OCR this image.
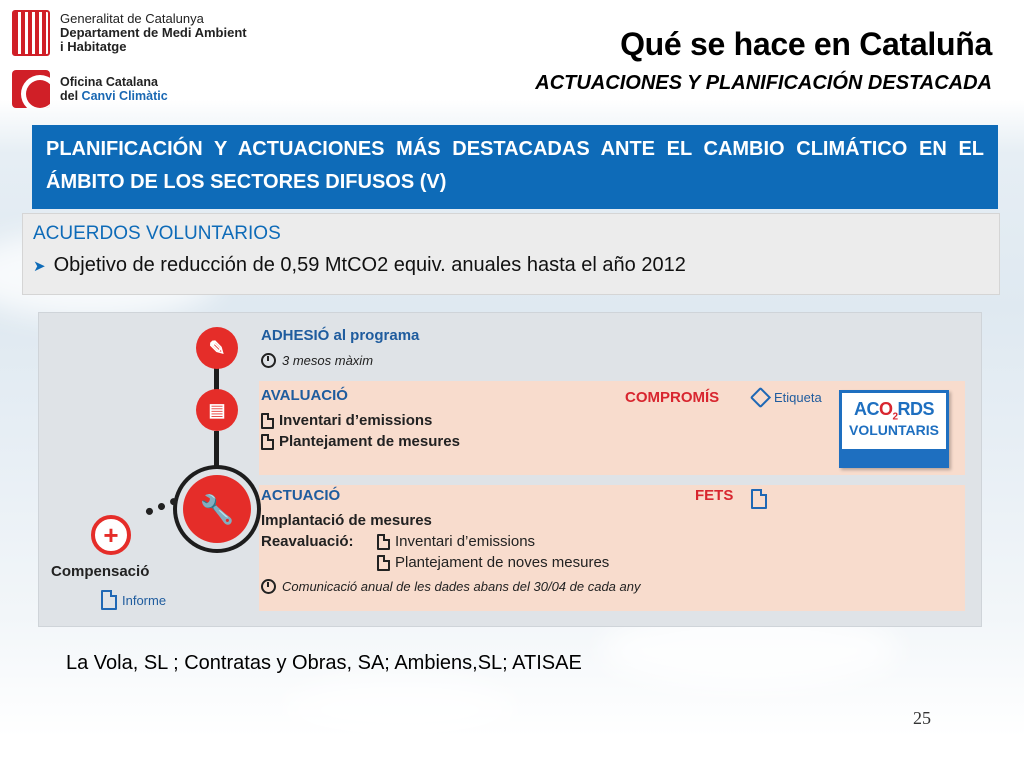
Generalitat de Catalunya
Departament de Medi Ambient
i Habitatge
Oficina Catalana
del Canvi Climàtic
Qué se hace en Cataluña
ACTUACIONES Y PLANIFICACIÓN DESTACADA
PLANIFICACIÓN Y ACTUACIONES MÁS DESTACADAS ANTE EL CAMBIO CLIMÁTICO EN EL ÁMBITO DE LOS SECTORES DIFUSOS (V)
ACUERDOS VOLUNTARIOS
➤ Objetivo de reducción de 0,59 MtCO2 equiv. anuales hasta el año 2012
✎
▤
🔧
+
ADHESIÓ al programa
3 mesos màxim
AVALUACIÓ
Inventari d’emissions
Plantejament de mesures
COMPROMÍS	Etiqueta
$ACO_2RDS$
VOLUNTARIS
ACTUACIÓ	FETS
Implantació de mesures
Reavaluació:	Inventari d’emissions
Plantejament de noves mesures
Comunicació anual de les dades abans del 30/04 de cada any
Compensació
Informe
La Vola, SL ; Contratas y Obras, SA; Ambiens,SL; ATISAE
25
